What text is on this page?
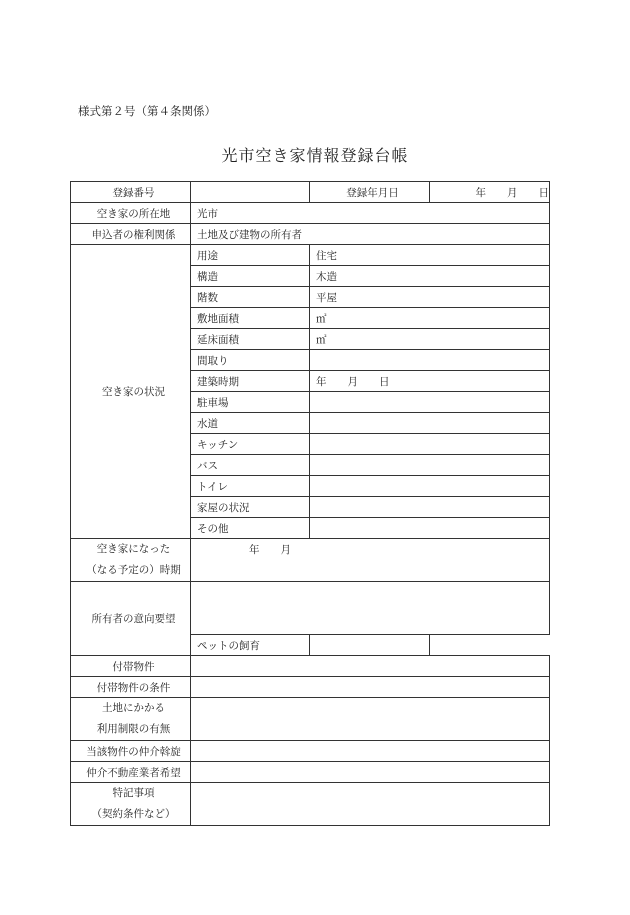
様式第２号（第４条関係）
光市空き家情報登録台帳
登録番号		登録年月日	年　　月　　日
空き家の所在地	光市		
申込者の権利関係	土地及び建物の所有者		
空き家の状況	用途	住宅	
	構造	木造	
	階数	平屋	
	敷地面積	㎡	
	延床面積	㎡	
	間取り		
	建築時期	年　　月　　日	
	駐車場		
	水道		
	キッチン		
	バス		
	トイレ		
	家屋の状況		
	その他		

空き家になった
（なる予定の）時期	年　　月		
所有者の意向要望			
	ペットの飼育		
付帯物件			
付帯物件の条件			

土地にかかる
利用制限の有無			

当該物件の仲介斡旋			
仲介不動産業者希望			

特記事項
（契約条件など）			
